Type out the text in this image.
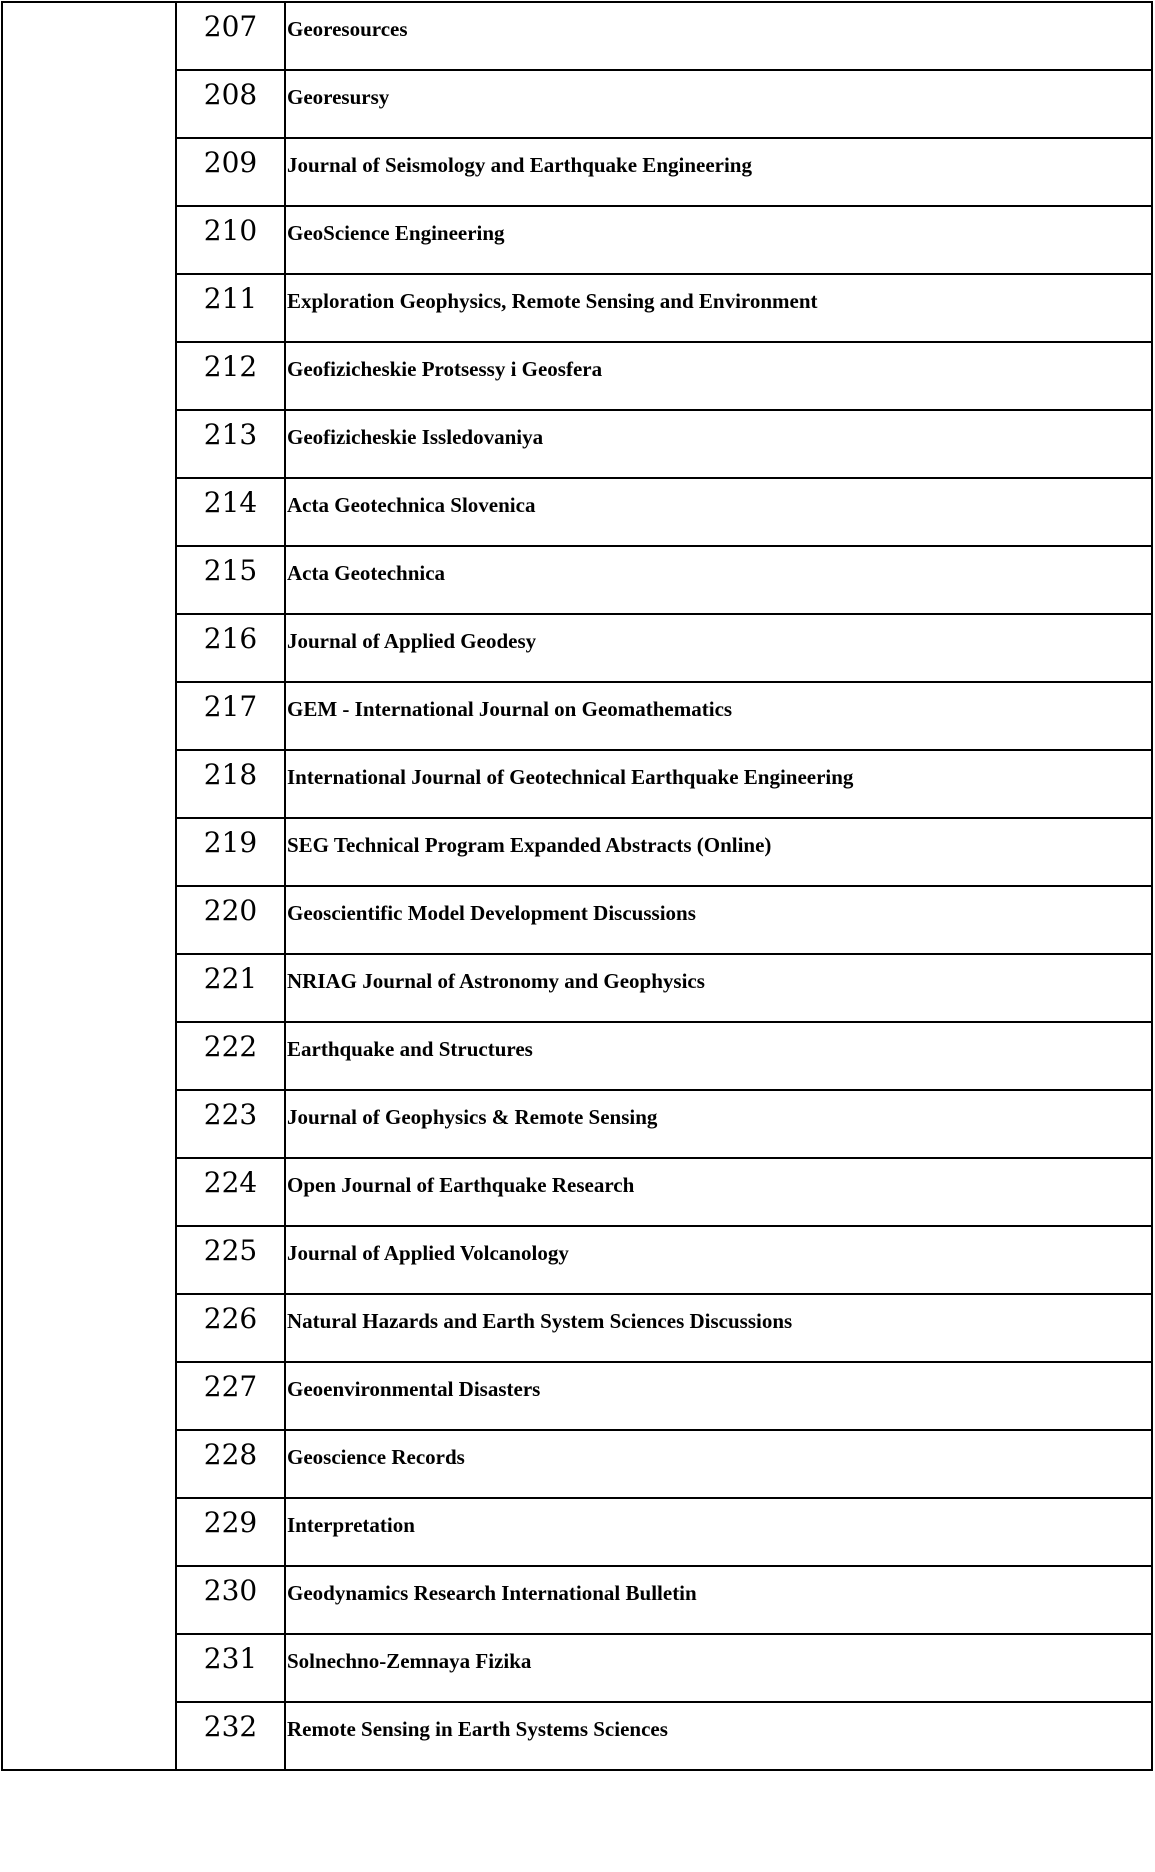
	207	Georesources

	208	Georesursy

	209	Journal of Seismology and Earthquake Engineering

	210	GeoScience Engineering

	211	Exploration Geophysics, Remote Sensing and Environment

	212	Geofizicheskie Protsessy i Geosfera

	213	Geofizicheskie Issledovaniya

	214	Acta Geotechnica Slovenica

	215	Acta Geotechnica

	216	Journal of Applied Geodesy

	217	GEM - International Journal on Geomathematics

	218	International Journal of Geotechnical Earthquake Engineering

	219	SEG Technical Program Expanded Abstracts (Online)

	220	Geoscientific Model Development Discussions

	221	NRIAG Journal of Astronomy and Geophysics

	222	Earthquake and Structures

	223	Journal of Geophysics & Remote Sensing

	224	Open Journal of Earthquake Research

	225	Journal of Applied Volcanology

	226	Natural Hazards and Earth System Sciences Discussions

	227	Geoenvironmental Disasters

	228	Geoscience Records

	229	Interpretation

	230	Geodynamics Research International Bulletin

	231	Solnechno-Zemnaya Fizika

	232	Remote Sensing in Earth Systems Sciences
